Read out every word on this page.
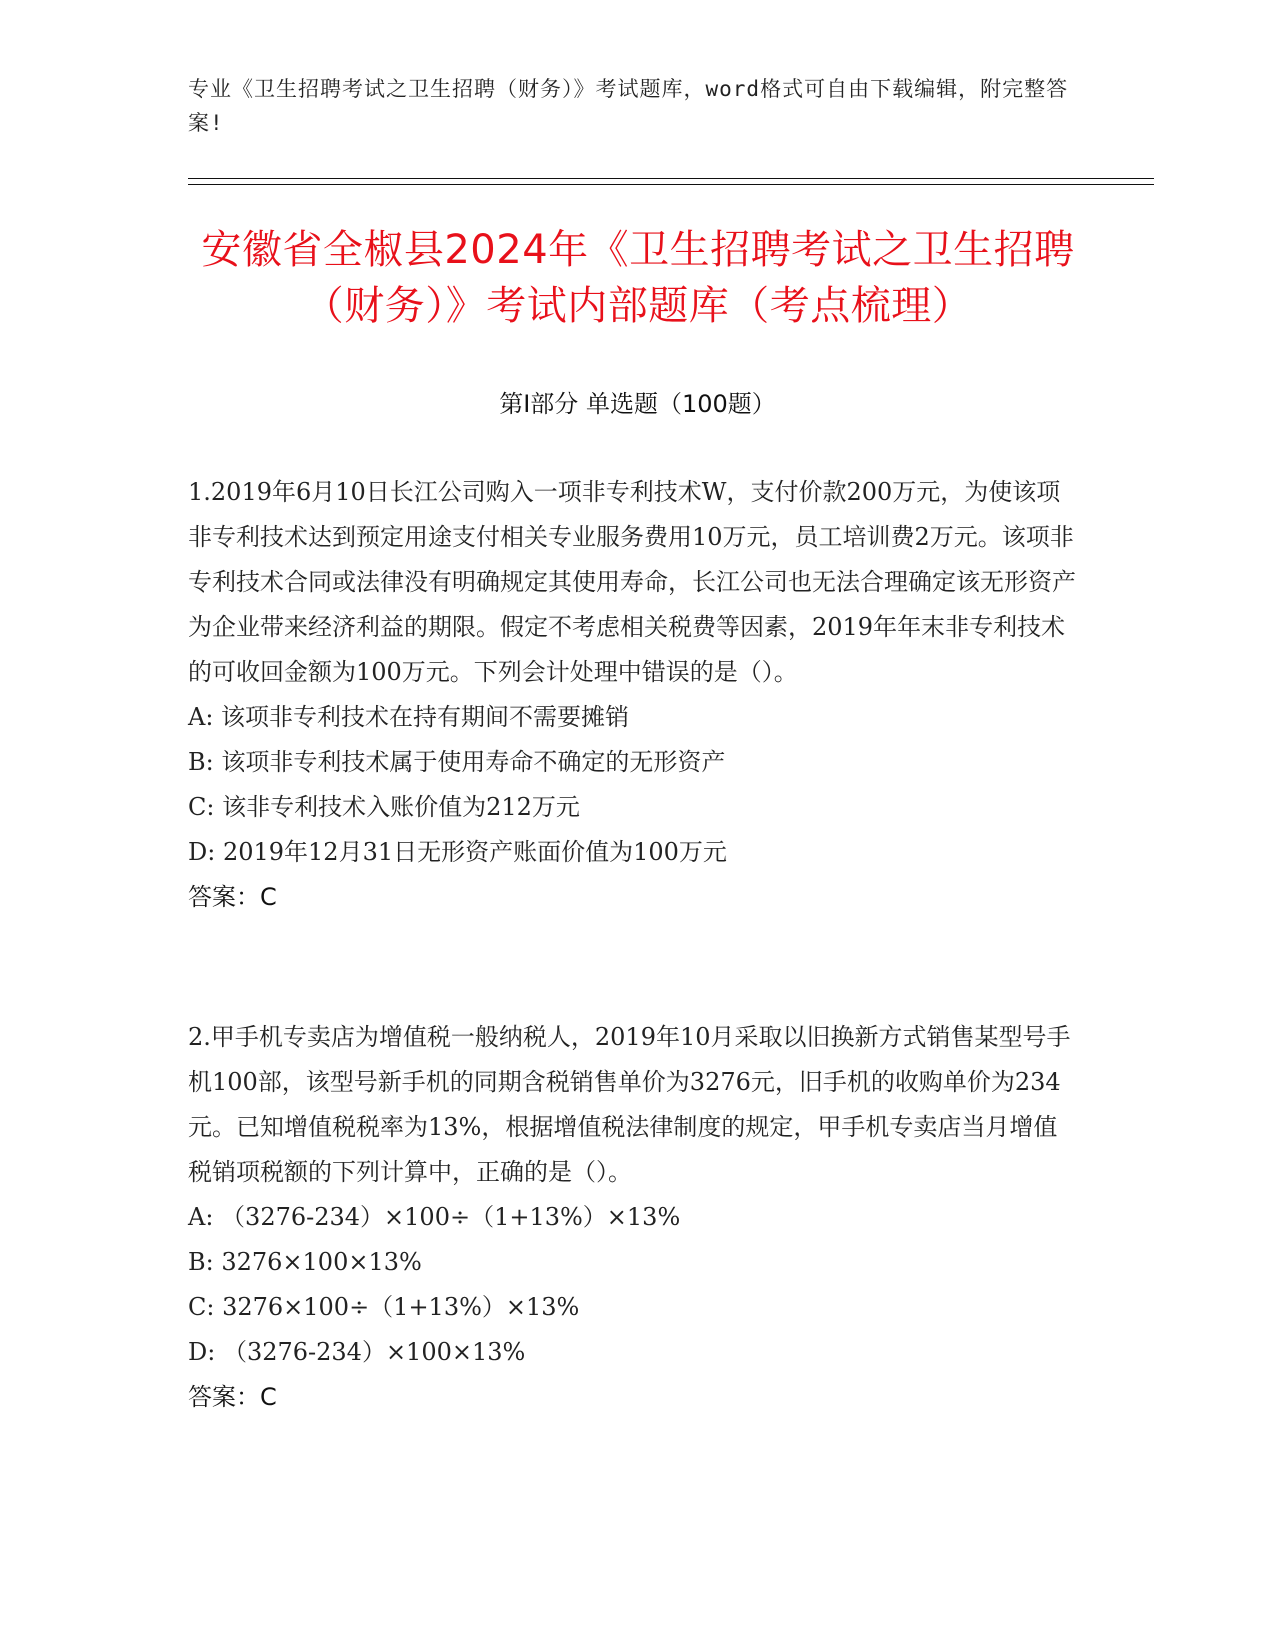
专业《卫生招聘考试之卫生招聘（财务）》考试题库，word格式可自由下载编辑，附完整答案!
安徽省全椒县2024年《卫生招聘考试之卫生招聘（财务）》考试内部题库（考点梳理）
第I部分 单选题（100题）

1.2019年6月10日长江公司购入一项非专利技术W，支付价款200万元，为使该项非专利技术达到预定用途支付相关专业服务费用10万元，员工培训费2万元。该项非专利技术合同或法律没有明确规定其使用寿命，长江公司也无法合理确定该无形资产为企业带来经济利益的期限。假定不考虑相关税费等因素，2019年年末非专利技术的可收回金额为100万元。下列会计处理中错误的是（）。

A: 该项非专利技术在持有期间不需要摊销

B: 该项非专利技术属于使用寿命不确定的无形资产

C: 该非专利技术入账价值为212万元

D: 2019年12月31日无形资产账面价值为100万元

答案：C

2.甲手机专卖店为增值税一般纳税人，2019年10月采取以旧换新方式销售某型号手机100部，该型号新手机的同期含税销售单价为3276元，旧手机的收购单价为234元。已知增值税税率为13%，根据增值税法律制度的规定，甲手机专卖店当月增值税销项税额的下列计算中，正确的是（）。

A: （3276-234）×100÷（1+13%）×13%

B: 3276×100×13%

C: 3276×100÷（1+13%）×13%

D: （3276-234）×100×13%

答案：C
